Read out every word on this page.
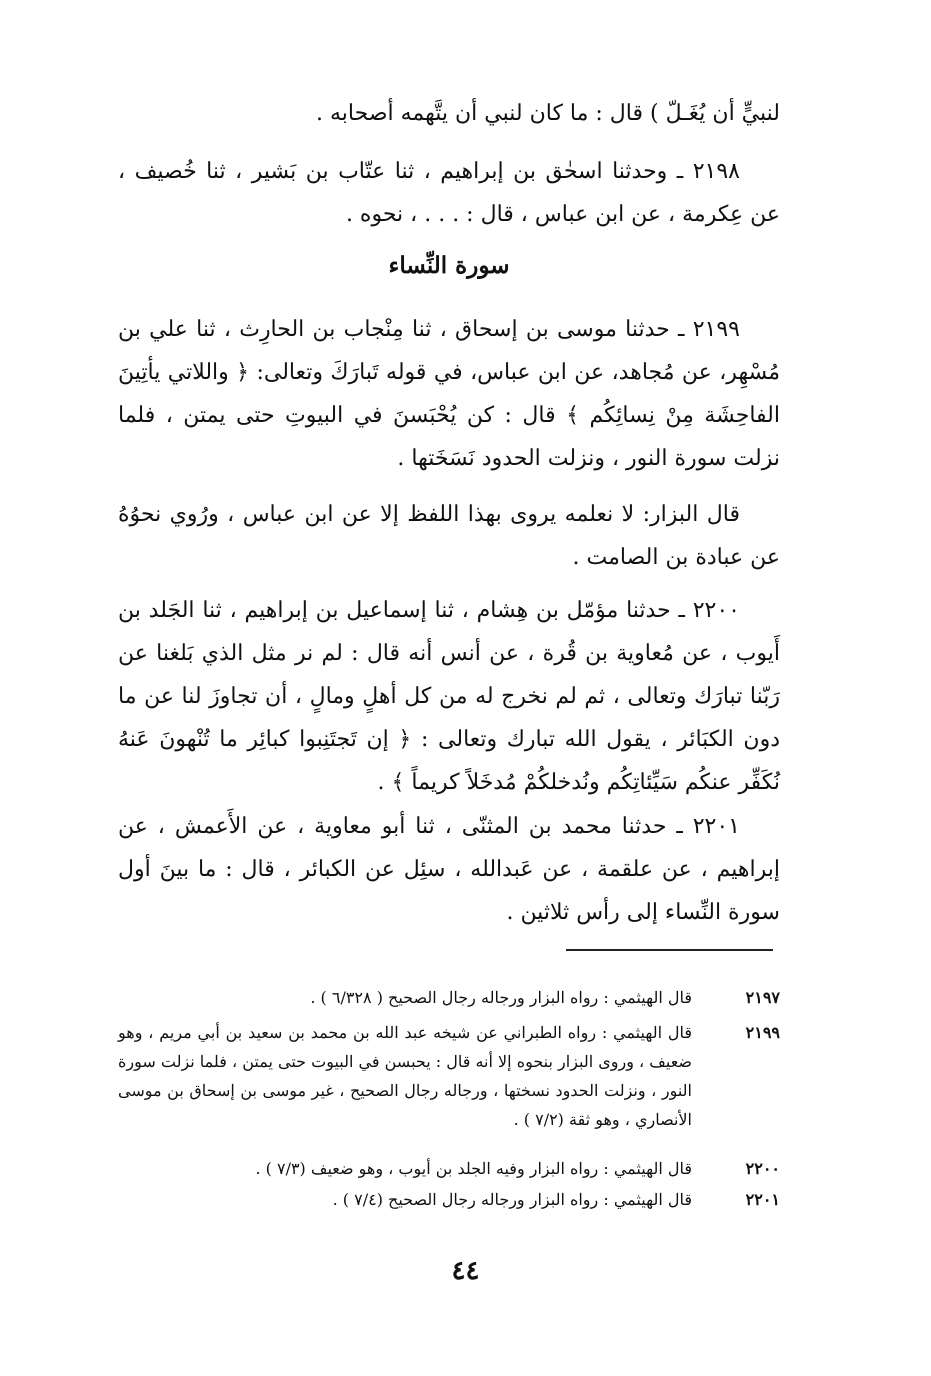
لنبيٍّ أن يُغَـلّ ) قال : ما كان لنبي أن يتَّهمه أصحابه .

٢١٩٨ ـ وحدثنا اسحٰق بن إبراهيم ، ثنا عتّاب بن بَشير ، ثنا خُصيف ، عن عِكرمة ، عن ابن عباس ، قال : . . . ، نحوه .

سورة النِّساء

٢١٩٩ ـ حدثنا موسى بن إسحاق ، ثنا مِنْجاب بن الحارِث ، ثنا علي بن مُسْهِر، عن مُجاهد، عن ابن عباس، في قوله تَبارَكَ وتعالى: ﴿ واللاتي يأتِينَ الفاحِشَة مِنْ نِسائِكُم ﴾ قال : كن يُحْبَسنَ في البيوتِ حتى يمتن ، فلما نزلت سورة النور ، ونزلت الحدود نَسَخَتها .

قال البزار: لا نعلمه يروى بهذا اللفظ إلا عن ابن عباس ، ورُوي نحوُهُ عن عبادة بن الصامت .

٢٢٠٠ ـ حدثنا مؤمّل بن هِشام ، ثنا إسماعيل بن إبراهيم ، ثنا الجَلد بن أَيوب ، عن مُعاوية بن قُرة ، عن أنس أنه قال : لم نر مثل الذي بَلغنا عن رَبّنا تبارَك وتعالى ، ثم لم نخرج له من كل أهلٍ ومالٍ ، أن تجاوزَ لنا عن ما دون الكبَائر ، يقول الله تبارك وتعالى : ﴿ إن تَجتَنِبوا كبائِر ما تُنْهونَ عَنهُ نُكَفِّر عنكُم سَيِّئاتِكُم ونُدخلكُمْ مُدخَلاً كريماً ﴾ .

٢٢٠١ ـ حدثنا محمد بن المثنّى ، ثنا أبو معاوية ، عن الأَعمش ، عن إبراهيم ، عن علقمة ، عن عَبدالله ، سئِل عن الكبائر ، قال : ما بينَ أول سورة النِّساء إلى رأس ثلاثين .

٢١٩٧
قال الهيثمي : رواه البزار ورجاله رجال الصحيح ( ٦/٣٢٨ ) .
٢١٩٩
قال الهيثمي : رواه الطبراني عن شيخه عبد الله بن محمد بن سعيد بن أبي مريم ، وهو ضعيف ، وروى البزار بنحوه إلا أنه قال : يحبسن في البيوت حتى يمتن ، فلما نزلت سورة النور ، ونزلت الحدود نسختها ، ورجاله رجال الصحيح ، غير موسى بن إسحاق بن موسى الأنصاري ، وهو ثقة (٧/٢ ) .
٢٢٠٠
قال الهيثمي : رواه البزار وفيه الجلد بن أيوب ، وهو ضعيف (٧/٣ ) .
٢٢٠١
قال الهيثمي : رواه البزار ورجاله رجال الصحيح (٧/٤ ) .
٤٤
